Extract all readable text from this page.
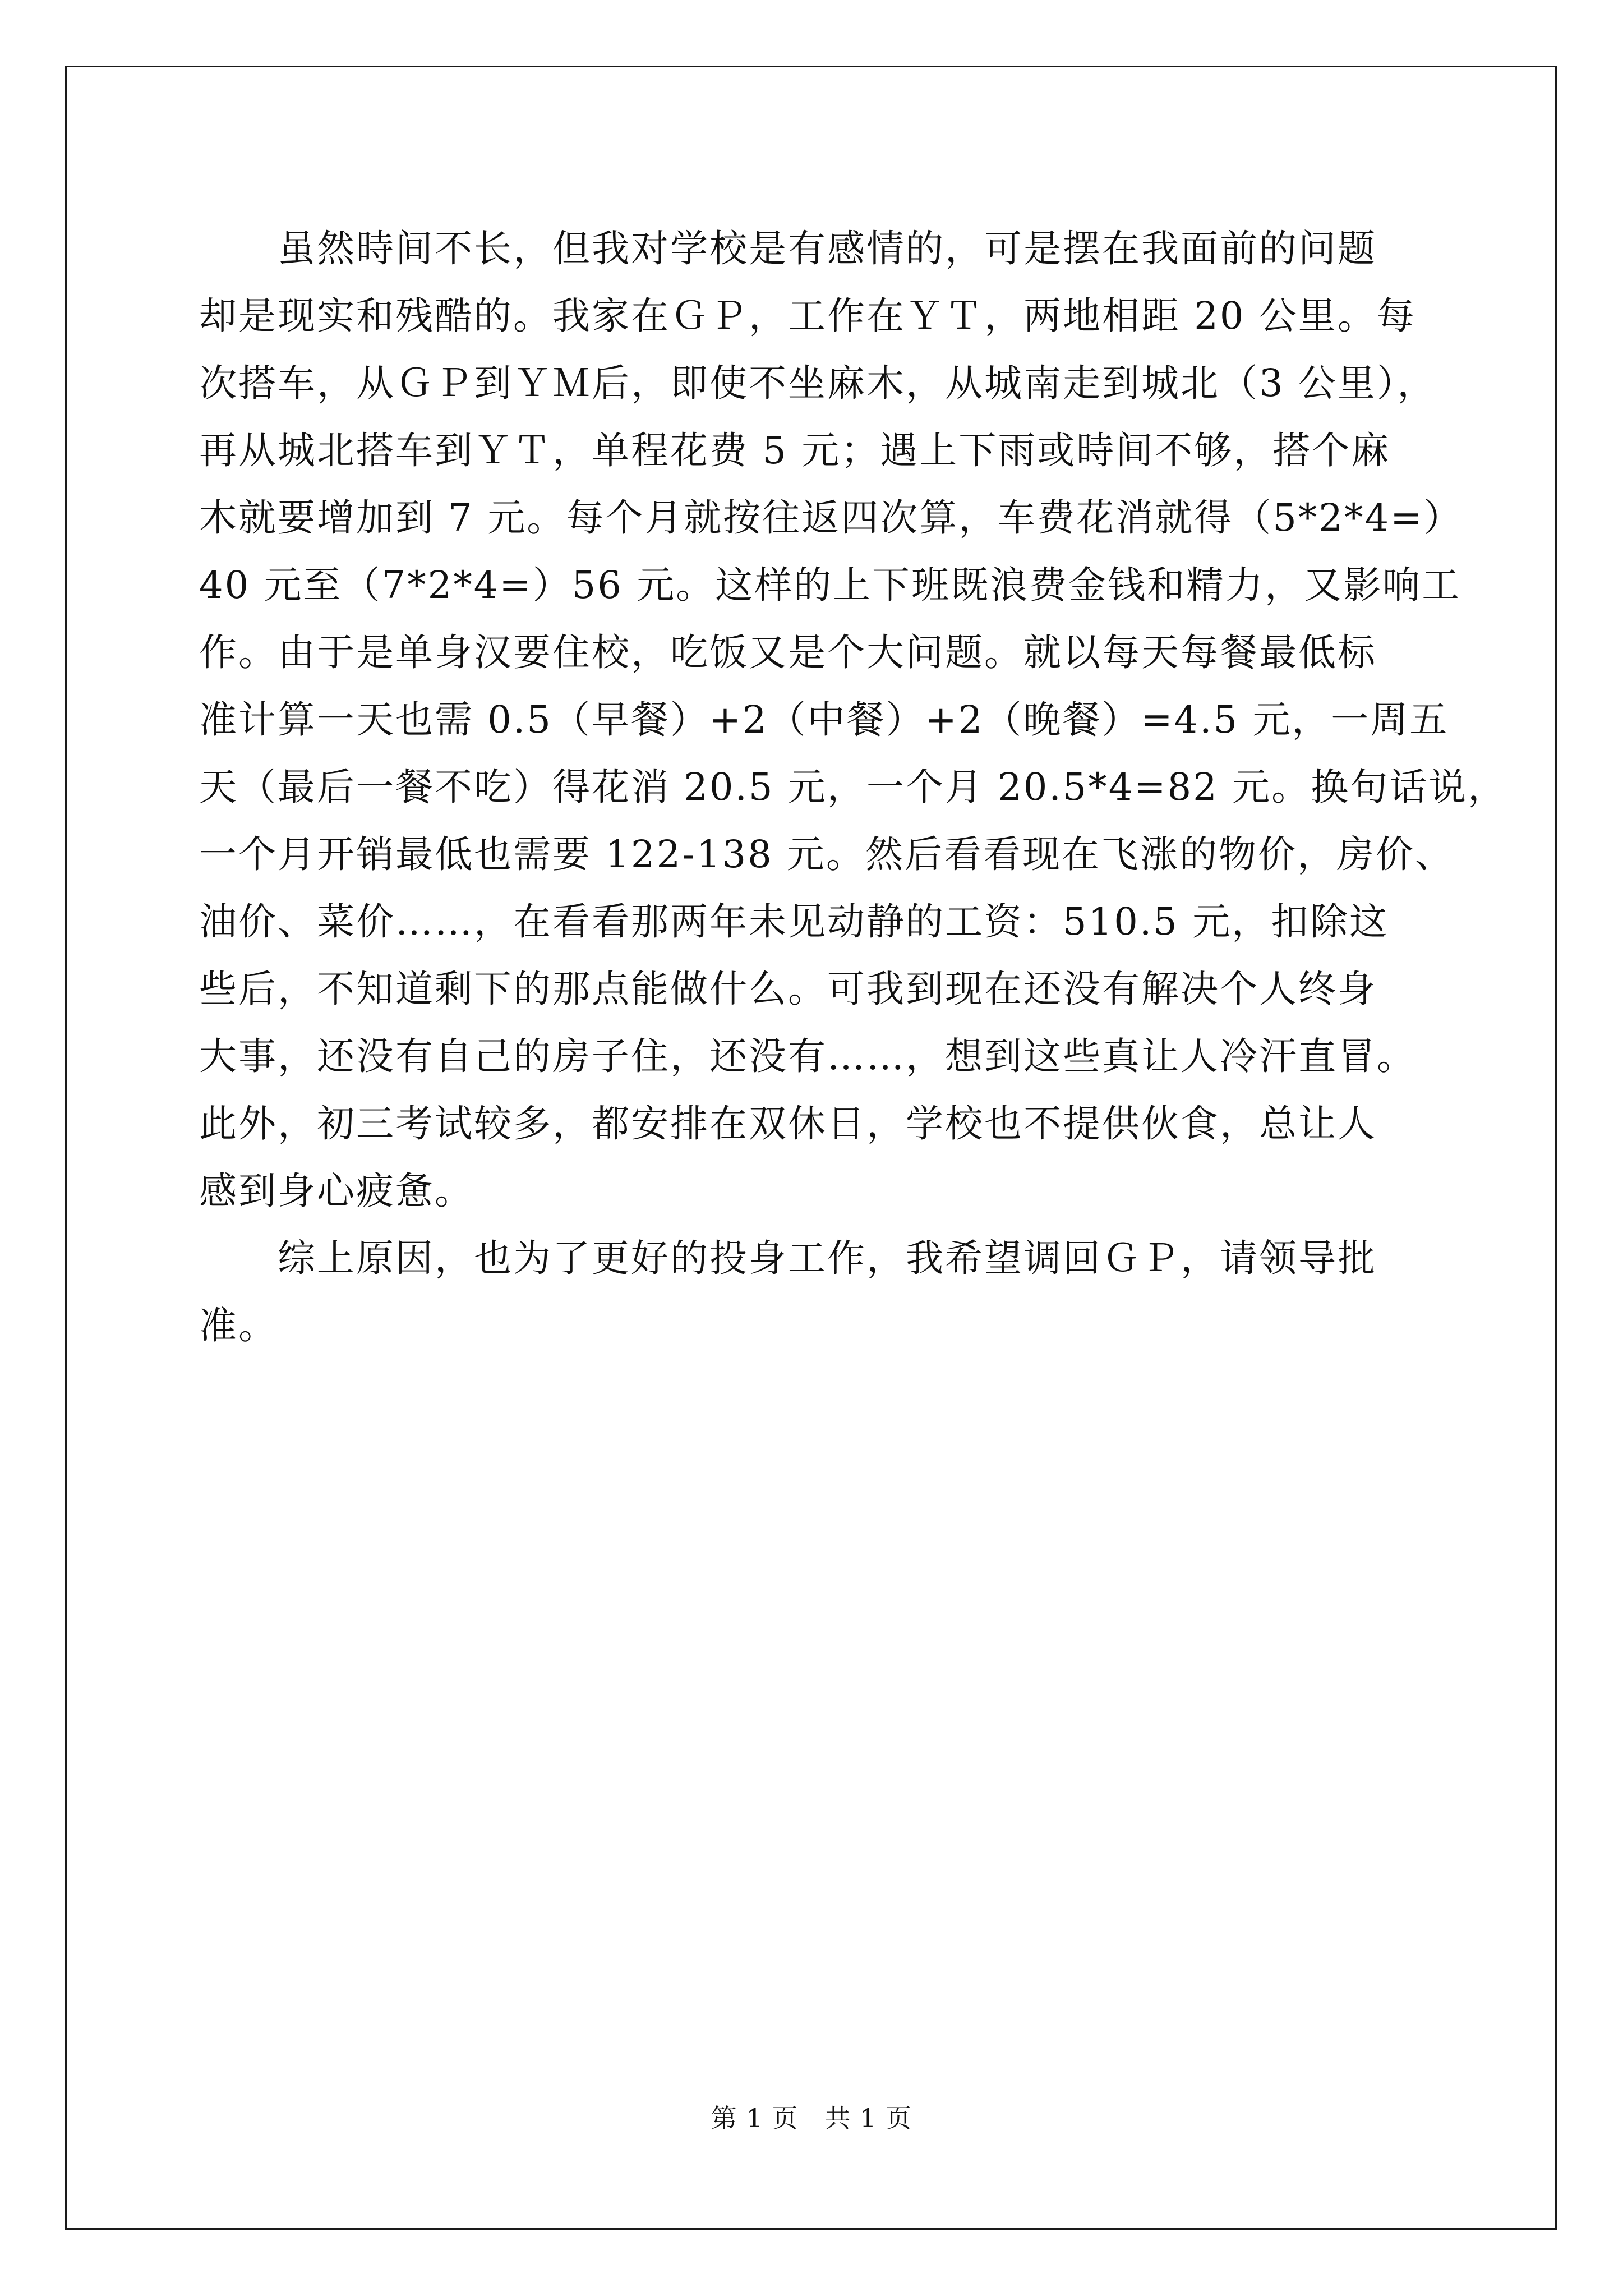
　　虽然時间不长，但我对学校是有感情的，可是摆在我面前的问题
却是现实和残酷的。我家在ＧＰ，工作在ＹＴ，两地相距 20 公里。每
次搭车，从ＧＰ到ＹＭ后，即使不坐麻木，从城南走到城北（3 公里），
再从城北搭车到ＹＴ，单程花费 5 元；遇上下雨或時间不够，搭个麻
木就要增加到 7 元。每个月就按往返四次算，车费花消就得（5*2*4=）
40 元至（7*2*4=）56 元。这样的上下班既浪费金钱和精力，又影响工
作。由于是单身汉要住校，吃饭又是个大问题。就以每天每餐最低标
准计算一天也需 0.5（早餐）+2（中餐）+2（晚餐）=4.5 元，一周五
天（最后一餐不吃）得花消 20.5 元，一个月 20.5*4=82 元。换句话说，
一个月开销最低也需要 122-138 元。然后看看现在飞涨的物价，房价、
油价、菜价……，在看看那两年未见动静的工资：510.5 元，扣除这
些后，不知道剩下的那点能做什么。可我到现在还没有解决个人终身
大事，还没有自己的房子住，还没有……，想到这些真让人冷汗直冒。
此外，初三考试较多，都安排在双休日，学校也不提供伙食，总让人
感到身心疲惫。

　　综上原因，也为了更好的投身工作，我希望调回ＧＰ，请领导批
准。

第 1 页　共 1 页
